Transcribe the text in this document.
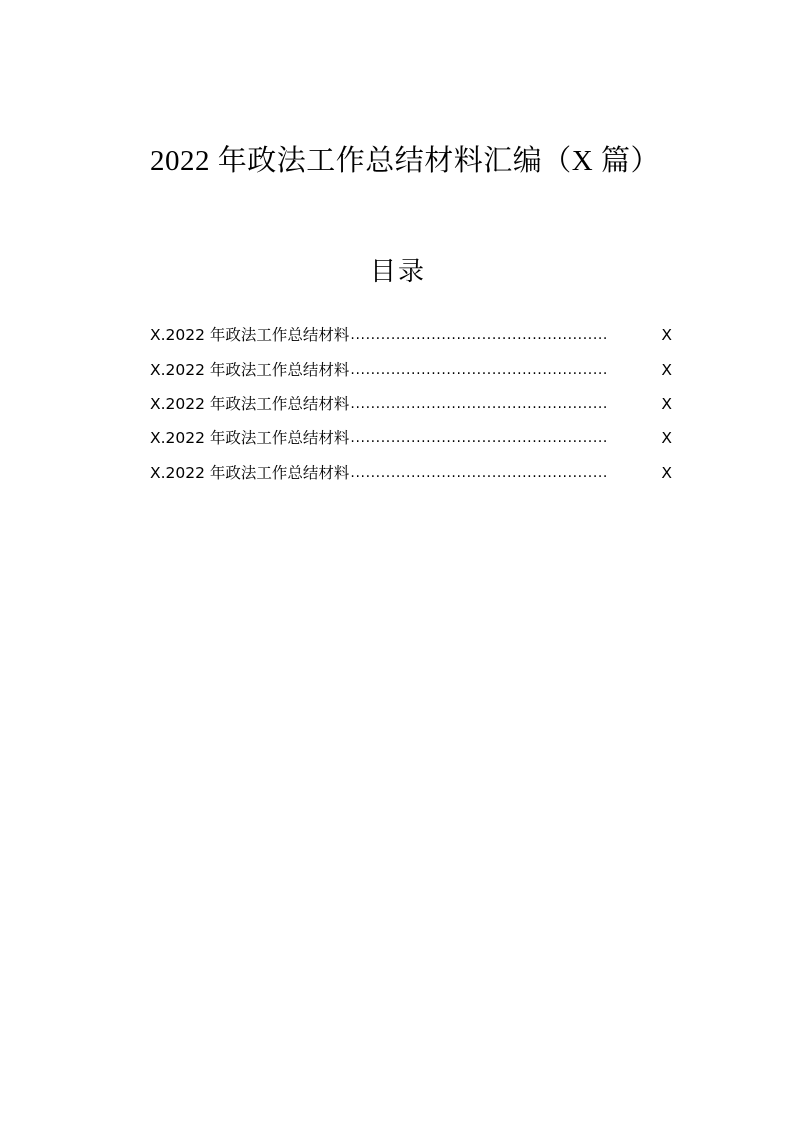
2022 年政法工作总结材料汇编（X 篇）
目录
X.2022 年政法工作总结材料 ...................................................	X
X.2022 年政法工作总结材料 ...................................................	X
X.2022 年政法工作总结材料 ...................................................	X
X.2022 年政法工作总结材料 ...................................................	X
X.2022 年政法工作总结材料 ...................................................	X
